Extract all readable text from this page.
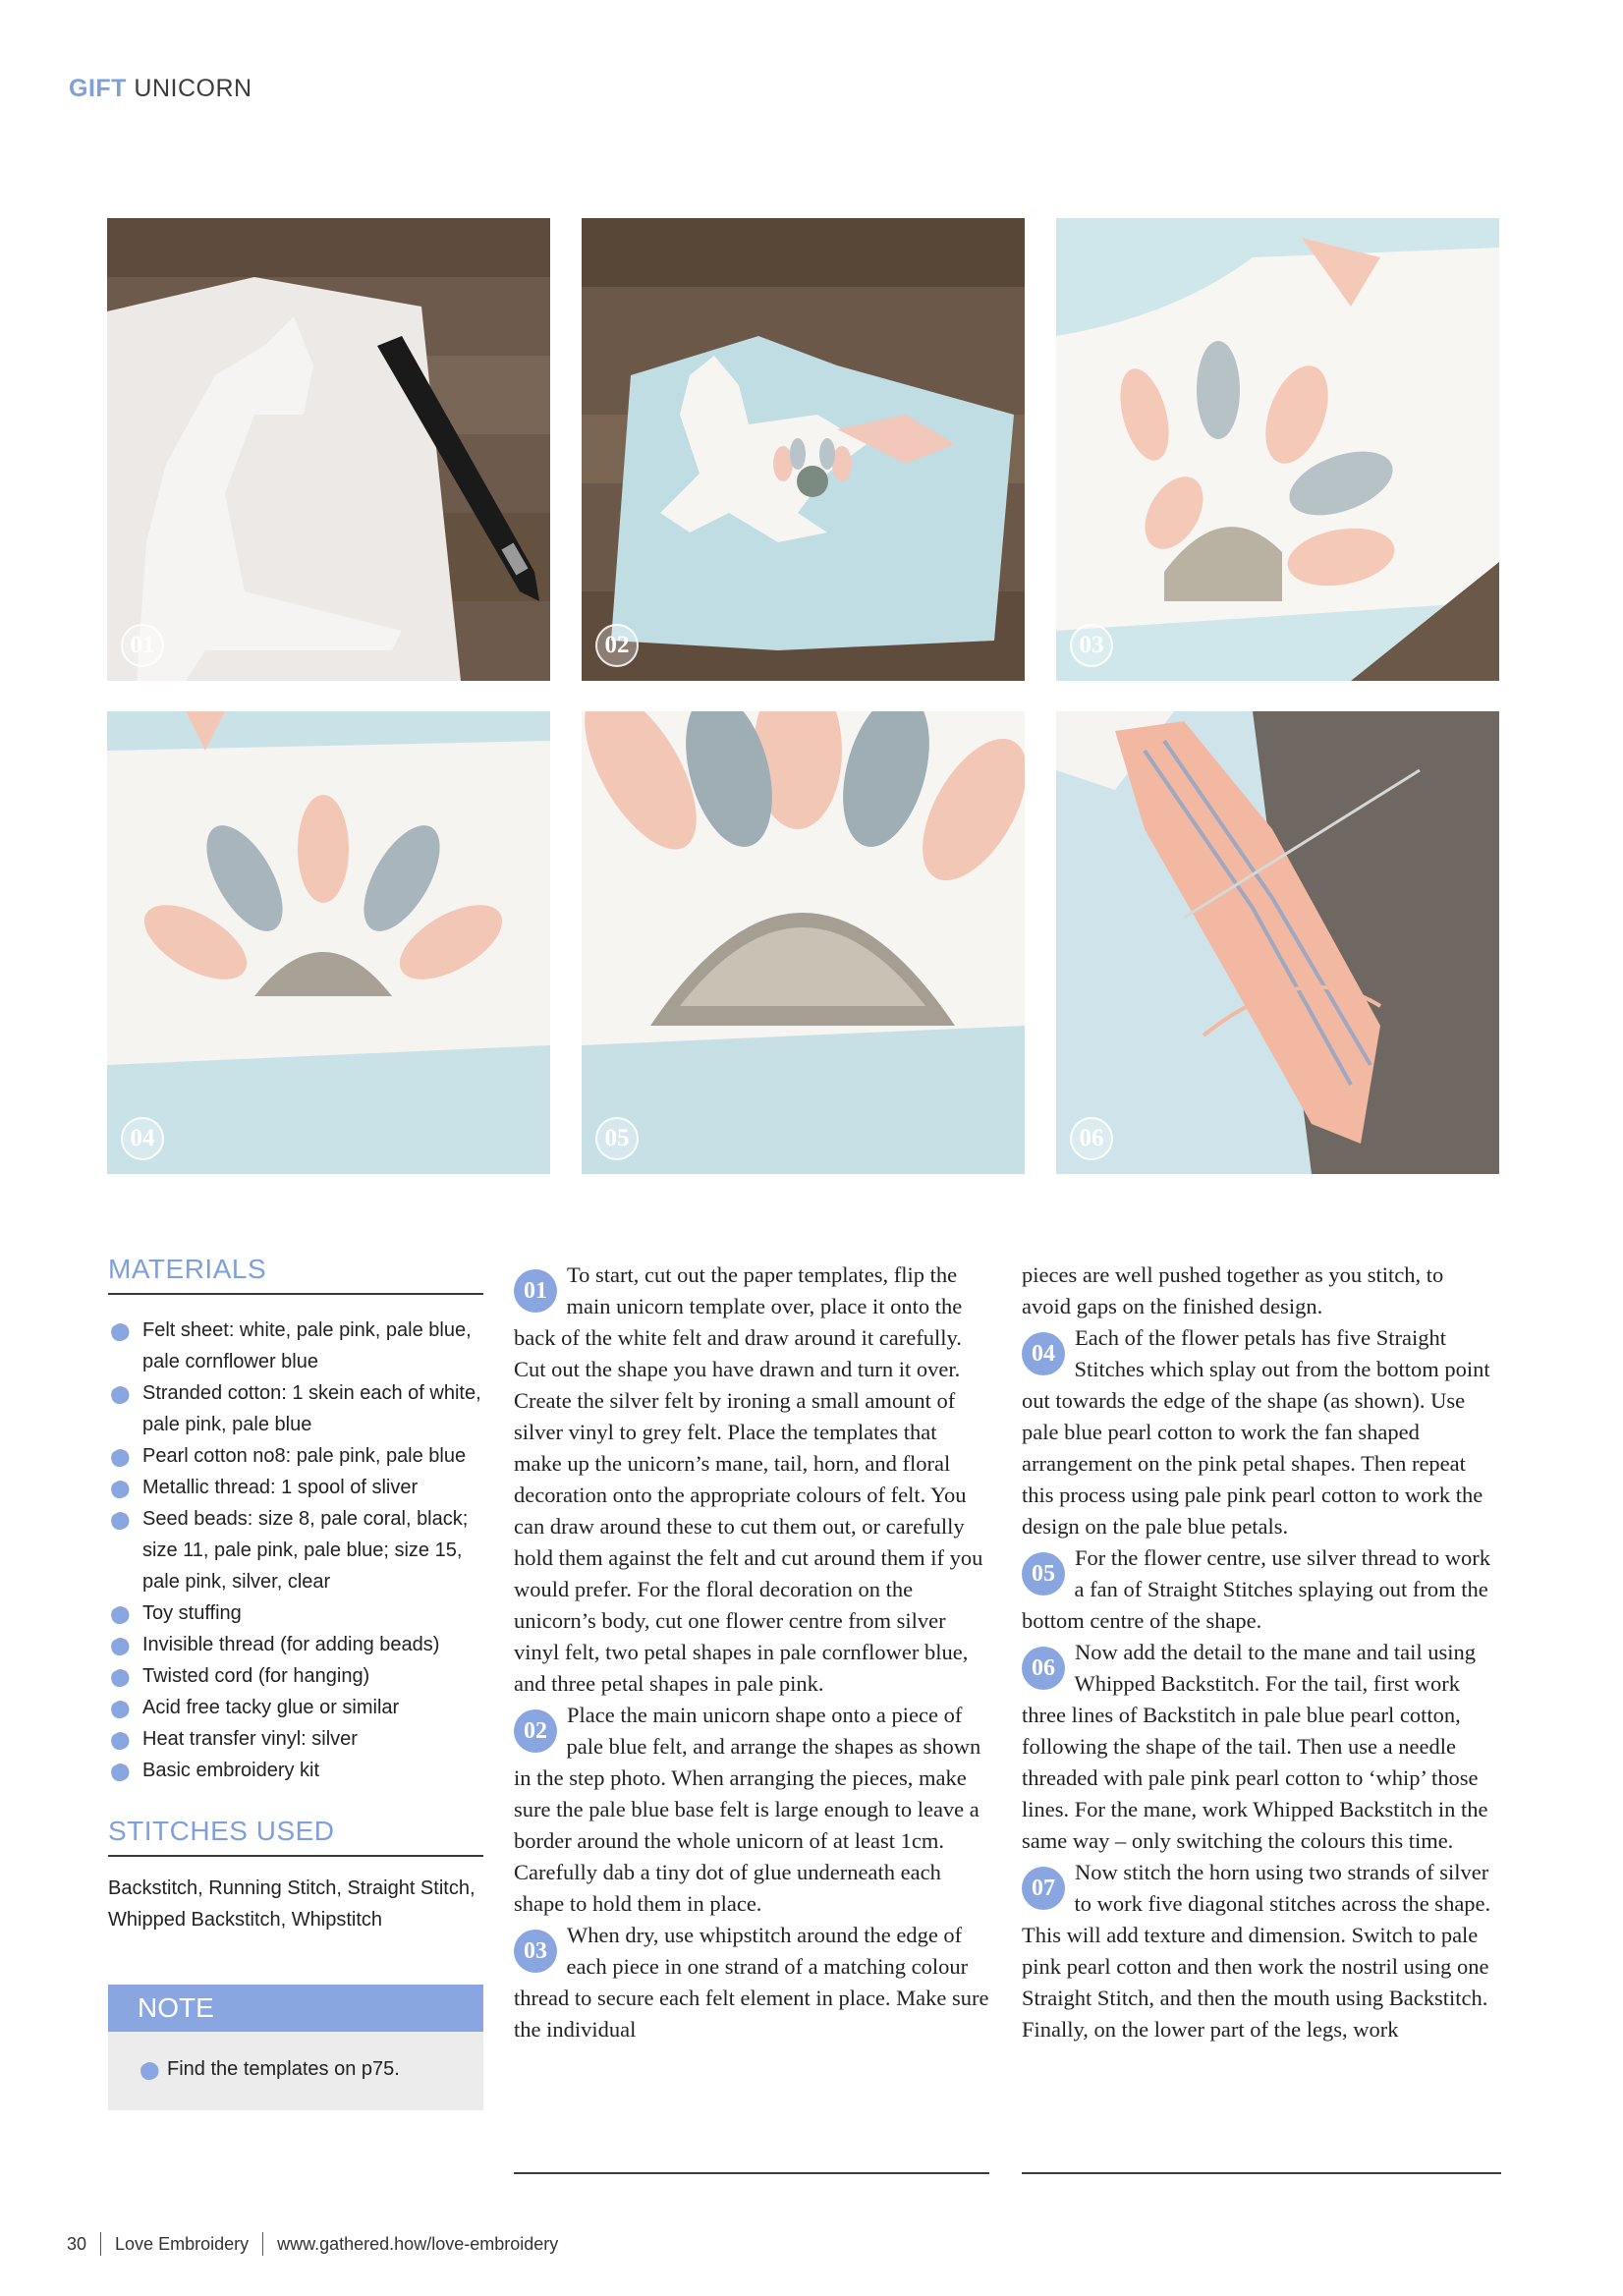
GIFT UNICORN
01	02	03
04	05	06
MATERIALS
Felt sheet: white, pale pink, pale blue, pale cornflower blue
Stranded cotton: 1 skein each of white, pale pink, pale blue
Pearl cotton no8: pale pink, pale blue
Metallic thread: 1 spool of sliver
Seed beads: size 8, pale coral, black; size 11, pale pink, pale blue; size 15, pale pink, silver, clear
Toy stuffing
Invisible thread (for adding beads)
Twisted cord (for hanging)
Acid free tacky glue or similar
Heat transfer vinyl: silver
Basic embroidery kit
STITCHES USED
Backstitch, Running Stitch, Straight Stitch, Whipped Backstitch, Whipstitch
NOTE
Find the templates on p75.

01
To start, cut out the paper templates, flip the main unicorn template over, place it onto the back of the white felt and draw around it carefully. Cut out the shape you have drawn and turn it over. Create the silver felt by ironing a small amount of silver vinyl to grey felt. Place the templates that make up the unicorn’s mane, tail, horn, and floral decoration onto the appropriate colours of felt. You can draw around these to cut them out, or carefully hold them against the felt and cut around them if you would prefer. For the floral decoration on the unicorn’s body, cut one flower centre from silver vinyl felt, two petal shapes in pale cornflower blue, and three petal shapes in pale pink.

02
Place the main unicorn shape onto a piece of pale blue felt, and arrange the shapes as shown in the step photo. When arranging the pieces, make sure the pale blue base felt is large enough to leave a border around the whole unicorn of at least 1cm. Carefully dab a tiny dot of glue underneath each shape to hold them in place.

03
When dry, use whipstitch around the edge of each piece in one strand of a matching colour thread to secure each felt element in place. Make sure the individual

pieces are well pushed together as you stitch, to avoid gaps on the finished design.

04
Each of the flower petals has five Straight Stitches which splay out from the bottom point out towards the edge of the shape (as shown). Use pale blue pearl cotton to work the fan shaped arrangement on the pink petal shapes. Then repeat this process using pale pink pearl cotton to work the design on the pale blue petals.

05
For the flower centre, use silver thread to work a fan of Straight Stitches splaying out from the bottom centre of the shape.

06
Now add the detail to the mane and tail using Whipped Backstitch. For the tail, first work three lines of Backstitch in pale blue pearl cotton, following the shape of the tail. Then use a needle threaded with pale pink pearl cotton to ‘whip’ those lines. For the mane, work Whipped Backstitch in the same way – only switching the colours this time.

07
Now stitch the horn using two strands of silver to work five diagonal stitches across the shape. This will add texture and dimension. Switch to pale pink pearl cotton and then work the nostril using one Straight Stitch, and then the mouth using Backstitch. Finally, on the lower part of the legs, work

30 Love Embroidery www.gathered.how/love-embroidery
